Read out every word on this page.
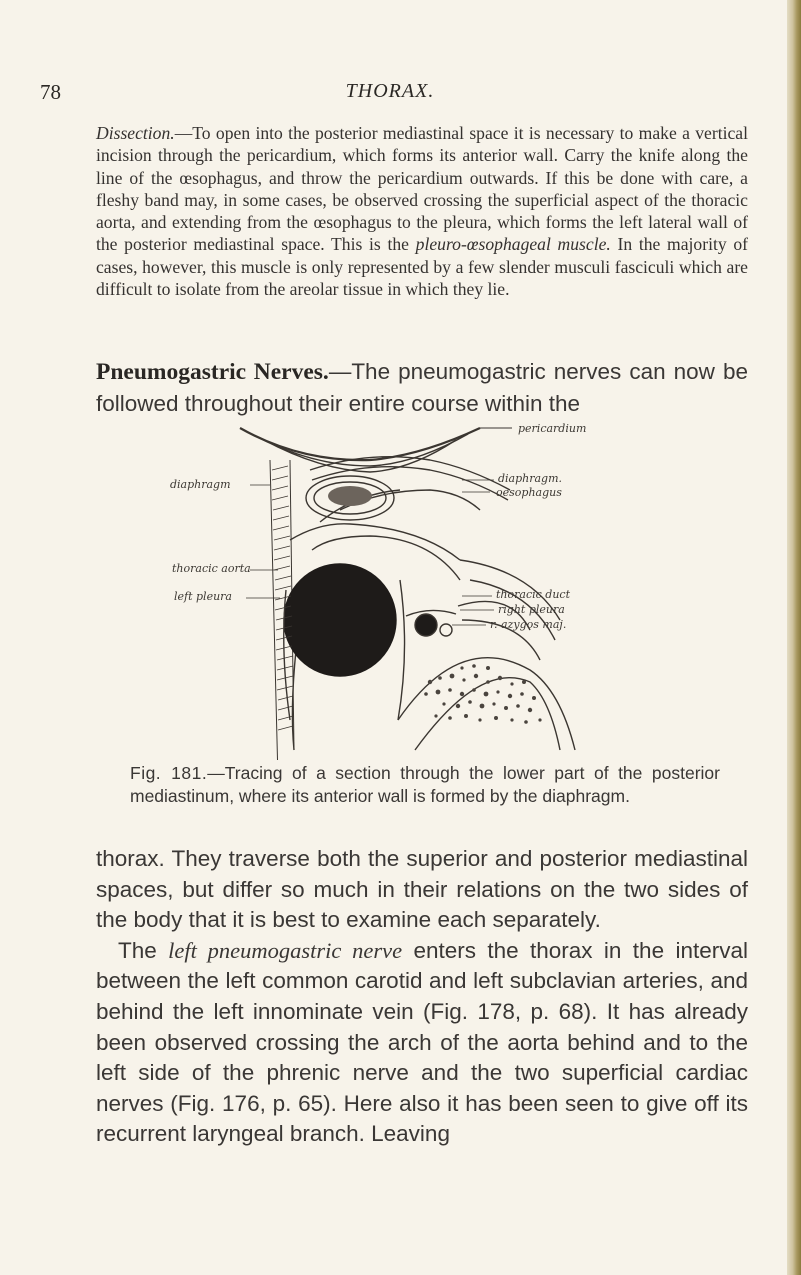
78	THORAX.
Dissection.—To open into the posterior mediastinal space it is necessary to make a vertical incision through the pericardium, which forms its anterior wall. Carry the knife along the line of the œsophagus, and throw the pericardium outwards. If this be done with care, a fleshy band may, in some cases, be observed crossing the superficial aspect of the thoracic aorta, and extending from the œsophagus to the pleura, which forms the left lateral wall of the posterior mediastinal space. This is the pleuro-œsophageal muscle. In the majority of cases, however, this muscle is only represented by a few slender musculi fasciculi which are difficult to isolate from the areolar tissue in which they lie.
Pneumogastric Nerves.—The pneumogastric nerves can now be followed throughout their entire course within the
pericardium
diaphragm.
oesophagus
diaphragm
thoracic aorta
left pleura	thoracic duct
right pleura
r. azygos maj.
Fig. 181.—Tracing of a section through the lower part of the posterior mediastinum, where its anterior wall is formed by the diaphragm.

thorax. They traverse both the superior and posterior mediastinal spaces, but differ so much in their relations on the two sides of the body that it is best to examine each separately.

The left pneumogastric nerve enters the thorax in the interval between the left common carotid and left subclavian arteries, and behind the left innominate vein (Fig. 178, p. 68). It has already been observed crossing the arch of the aorta behind and to the left side of the phrenic nerve and the two superficial cardiac nerves (Fig. 176, p. 65). Here also it has been seen to give off its recurrent laryngeal branch. Leaving
